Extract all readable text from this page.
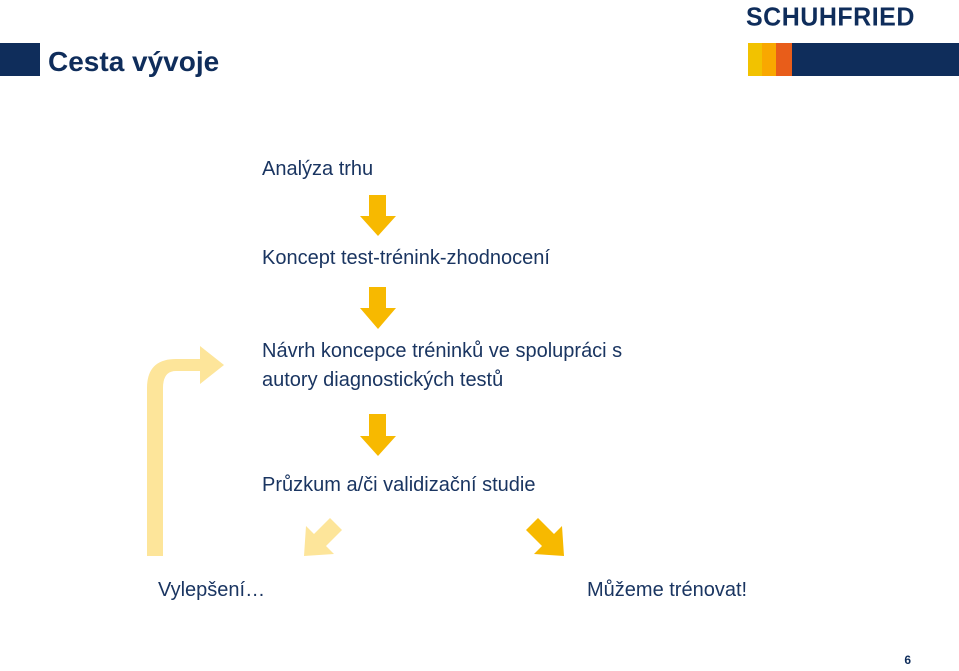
Cesta vývoje
SCHUHFRIED
Analýza trhu
Koncept test-trénink-zhodnocení
Návrh koncepce tréninků ve spolupráci s
autory diagnostických testů
Průzkum a/či validizační studie
Vylepšení…	Můžeme trénovat!
6
